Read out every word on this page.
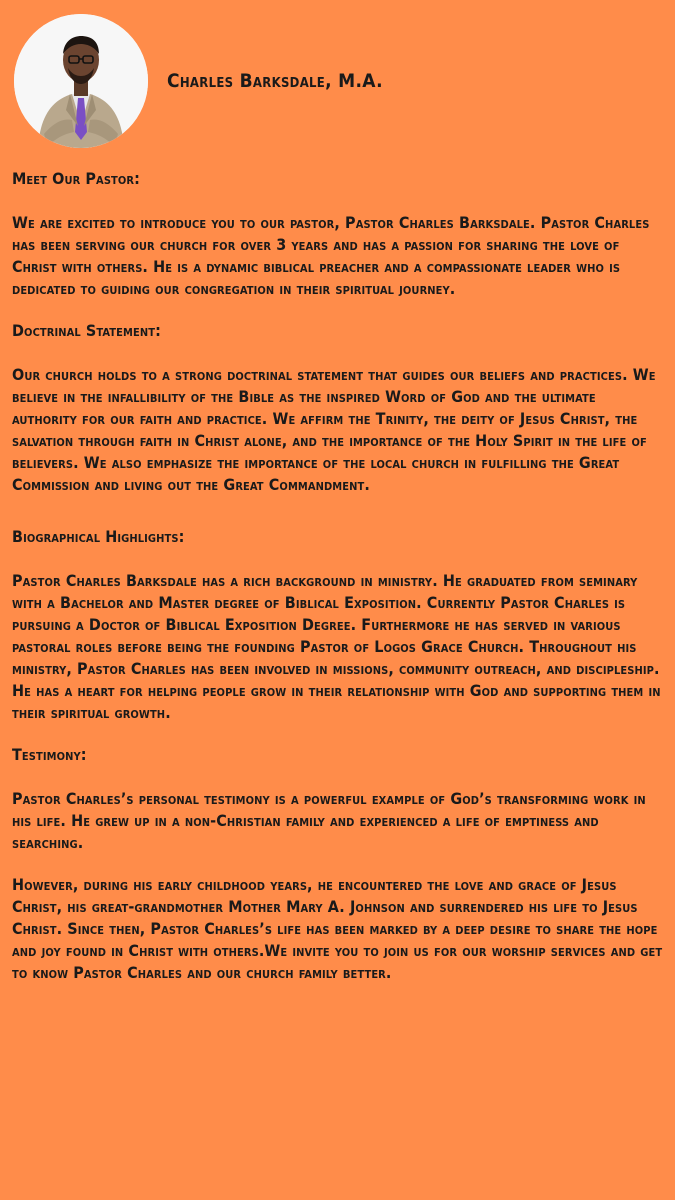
Charles Barksdale, M.A.

Meet Our Pastor:

We are excited to introduce you to our pastor, Pastor Charles Barksdale. Pastor Charles has been serving our church for over 3 years and has a passion for sharing the love of Christ with others. He is a dynamic biblical preacher and a compassionate leader who is dedicated to guiding our congregation in their spiritual journey.

Doctrinal Statement:

Our church holds to a strong doctrinal statement that guides our beliefs and practices. We believe in the infallibility of the Bible as the inspired Word of God and the ultimate authority for our faith and practice. We affirm the Trinity, the deity of Jesus Christ, the salvation through faith in Christ alone, and the importance of the Holy Spirit in the life of believers. We also emphasize the importance of the local church in fulfilling the Great Commission and living out the Great Commandment.

Biographical Highlights:

Pastor Charles Barksdale has a rich background in ministry. He graduated from seminary with a Bachelor and Master degree of Biblical Exposition. Currently Pastor Charles is pursuing a Doctor of Biblical Exposition Degree. Furthermore he has served in various pastoral roles before being the founding Pastor of Logos Grace Church. Throughout his ministry, Pastor Charles has been involved in missions, community outreach, and discipleship. He has a heart for helping people grow in their relationship with God and supporting them in their spiritual growth.

Testimony:

Pastor Charles’s personal testimony is a powerful example of God’s transforming work in his life. He grew up in a non-Christian family and experienced a life of emptiness and searching.

However, during his early childhood years, he encountered the love and grace of Jesus Christ, his great-grandmother Mother Mary A. Johnson and surrendered his life to Jesus Christ. Since then, Pastor Charles’s life has been marked by a deep desire to share the hope and joy found in Christ with others.We invite you to join us for our worship services and get to know Pastor Charles and our church family better.
